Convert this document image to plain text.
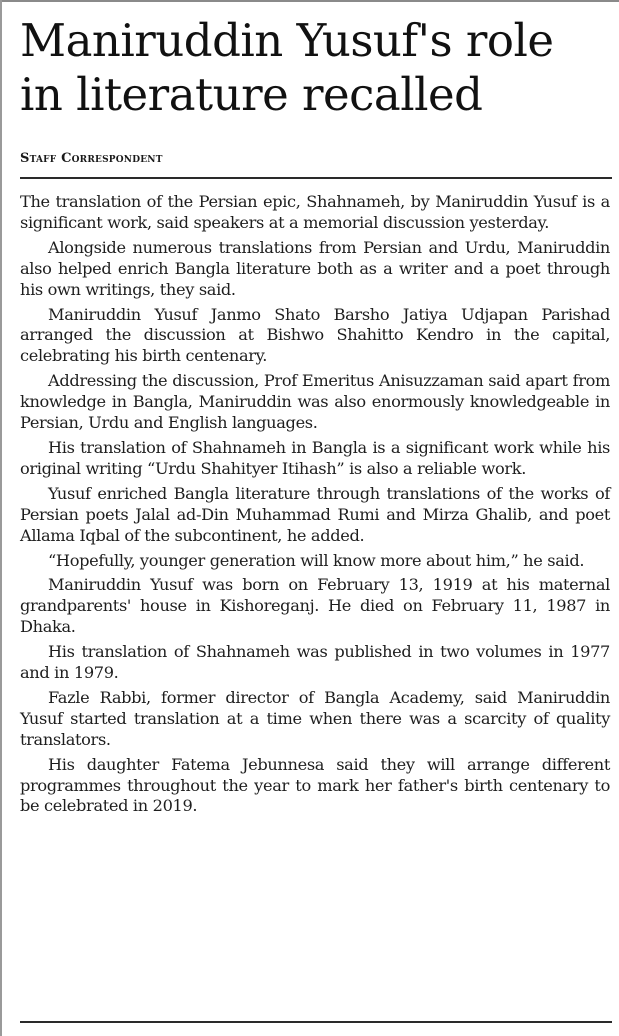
Maniruddin Yusuf's role
in literature recalled
Staff Correspondent

The translation of the Persian epic, Shahnameh, by Maniruddin Yusuf is a significant work, said speakers at a memorial discussion yesterday.

Alongside numerous translations from Persian and Urdu, Maniruddin also helped enrich Bangla literature both as a writer and a poet through his own writings, they said.

Maniruddin Yusuf Janmo Shato Barsho Jatiya Udjapan Parishad arranged the discussion at Bishwo Shahitto Kendro in the capital, celebrating his birth centenary.

Addressing the discussion, Prof Emeritus Anisuzzaman said apart from knowledge in Bangla, Maniruddin was also enormously knowledgeable in Persian, Urdu and English languages.

His translation of Shahnameh in Bangla is a significant work while his original writing “Urdu Shahityer Itihash” is also a reliable work.

Yusuf enriched Bangla literature through translations of the works of Persian poets Jalal ad-Din Muhammad Rumi and Mirza Ghalib, and poet Allama Iqbal of the subcontinent, he added.

“Hopefully, younger generation will know more about him,” he said.

Maniruddin Yusuf was born on February 13, 1919 at his maternal grandparents' house in Kishoreganj. He died on February 11, 1987 in Dhaka.

His translation of Shahnameh was published in two volumes in 1977 and in 1979.

Fazle Rabbi, former director of Bangla Academy, said Maniruddin Yusuf started translation at a time when there was a scarcity of quality translators.

His daughter Fatema Jebunnesa said they will arrange different programmes throughout the year to mark her father's birth centenary to be celebrated in 2019.
